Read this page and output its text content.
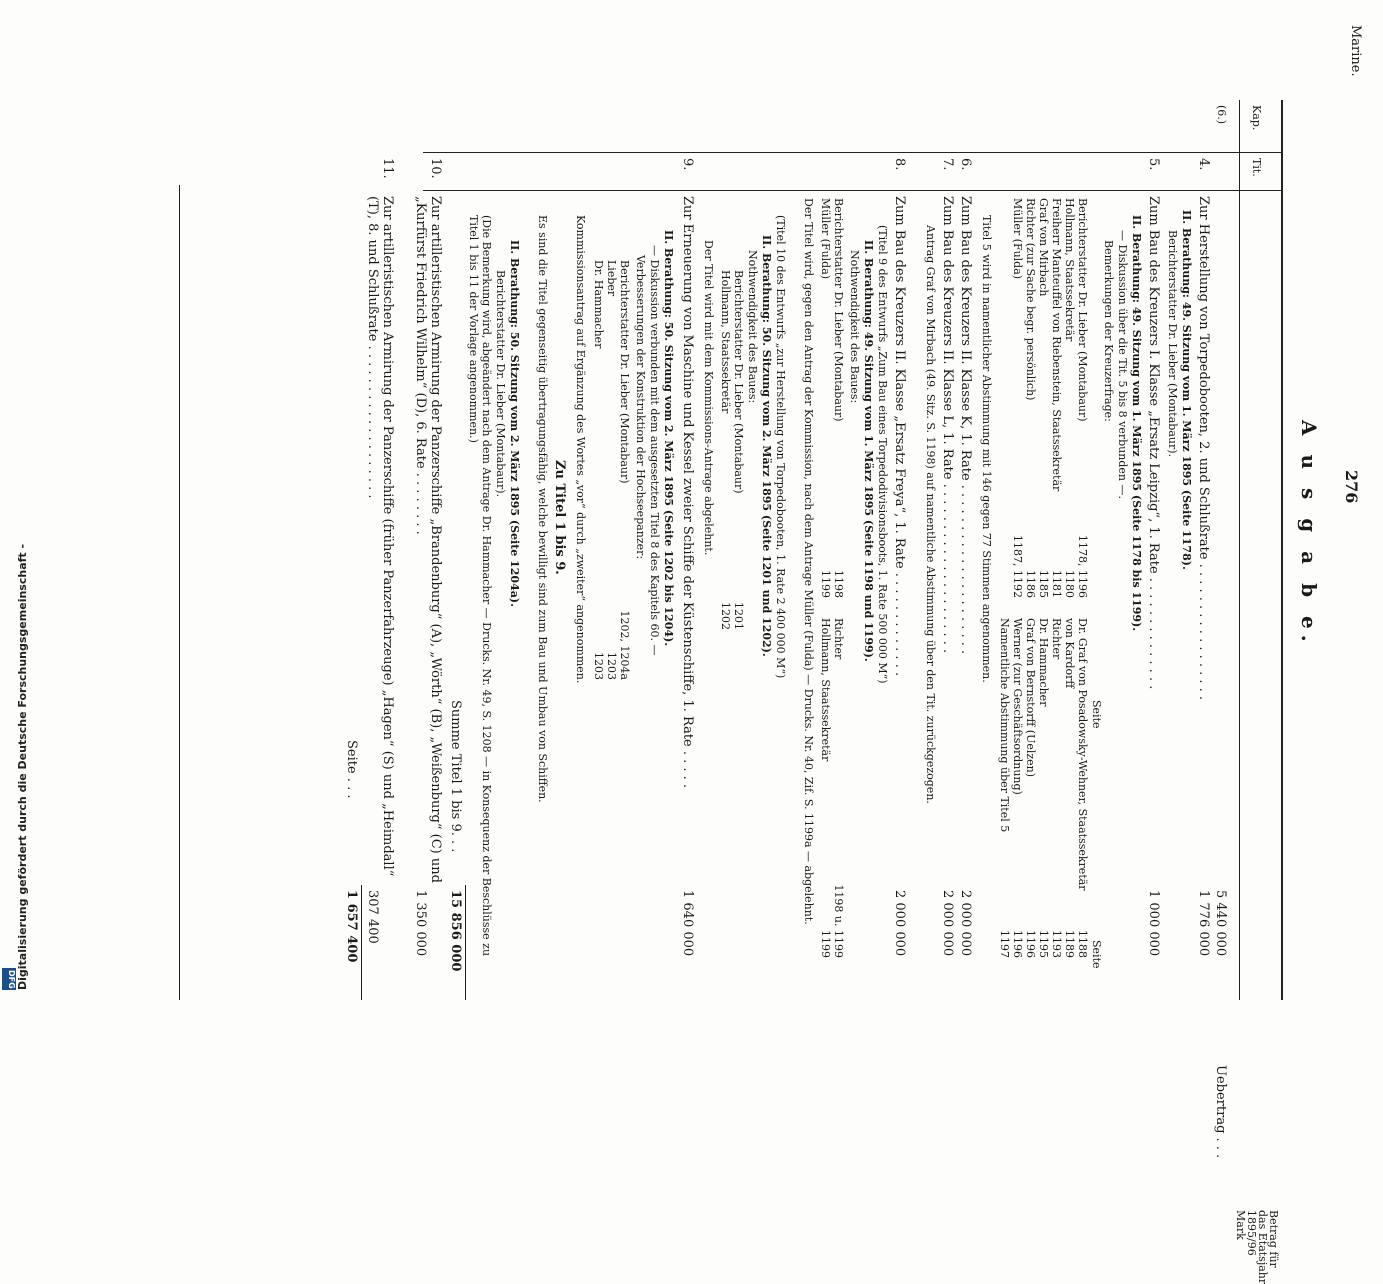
Digitalisierung gefördert durch die Deutsche Forschungsgemeinschaft -
DFG
Marine.
276
A u s g a b e.
Kap.
Tit.
Betrag für
das Etatsjahr
1895/96
Mark
(6.)
Uebertrag . . .
4.
Zur Herstellung von Torpedobooten, 2. und Schlußrate . . . . . . . . . . . . . . . . .
5 440 000
1 776 000
II. Berathung: 49. Sitzung vom 1. März 1895 (Seite 1178).
Berichterstatter Dr. Lieber (Montabaur).
5.
Zum Bau des Kreuzers I. Klasse „Ersatz Leipzig“, 1. Rate . . . . . . . . . . . . . .
1 000 000
II. Berathung: 49. Sitzung vom 1. März 1895 (Seite 1178 bis 1199).
— Diskussion über die Tit. 5 bis 8 verbunden —.
Bemerkungen der Kreuzerfrage:
Seite
Seite
Berichterstatter Dr. Lieber (Montabaur)
1178, 1196
Hollmann, Staatssekretär
1180
Freiherr Manteuffel von Riebenstein, Staatssekretär
1181
Graf von Mirbach
1185
Richter (zur Sache begr. persönlich)
1186
Müller (Fulda)
1187, 1192
Dr. Graf von Posadowsky-Wehner, Staatssekretär
1188
von Kardorff
1189
Richter
1193
Dr. Hammacher
1195
Graf von Bernstorff (Uelzen)
1196
Werner (zur Geschäftsordnung)
1196
Namentliche Abstimmung über Titel 5
1197
Titel 5 wird in namentlicher Abstimmung mit 146 gegen 77 Stimmen angenommen.
6.
Zum Bau des Kreuzers II. Klasse K, 1. Rate . . . . . . . . . . . . . . . . . . . . .
2 000 000
7.
Zum Bau des Kreuzers II. Klasse L, 1. Rate . . . . . . . . . . . . . . . . . . . . .
2 000 000
Antrag Graf von Mirbach (49. Sitz. S. 1198) auf namentliche Abstimmung über den Tit. zurückgezogen.
8.
Zum Bau des Kreuzers II. Klasse „Ersatz Freya“, 1. Rate . . . . . . . . . . . . .
2 000 000
(Titel 9 des Entwurfs „Zum Bau eines Torpedodivisionsboots, 1. Rate 500 000 M“)
II. Berathung: 49. Sitzung vom 1. März 1895 (Seite 1198 und 1199).
Nothwendigkeit des Baues:
Berichterstatter Dr. Lieber (Montabaur)
1198
Müller (Fulda)
1199
Richter
1198 u. 1199
Hollmann, Staatssekretär
1199
Der Titel wird, gegen den Antrag der Kommission, nach dem Antrage Müller (Fulda) — Drucks. Nr. 40, Zif. S. 1199a — abgelehnt.
(Titel 10 des Entwurfs „zur Herstellung von Torpedobooten, 1. Rate 2 400 000 M“)
II. Berathung: 50. Sitzung vom 2. März 1895 (Seite 1201 und 1202).
Nothwendigkeit des Baues:
Berichterstatter Dr. Lieber (Montabaur)
1201
Hollmann, Staatssekretär
1202
Der Titel wird mit dem Kommissions-Antrage abgelehnt.
9.
Zur Erneuerung von Maschine und Kessel zweier Schiffe der Küstenschiffe, 1. Rate . . . . .
1 640 000
II. Berathung: 50. Sitzung vom 2. März 1895 (Seite 1202 bis 1204).
— Diskussion verbunden mit dem ausgesetzten Titel 8 des Kapitels 60. —
Verbesserungen der Konstruktion der Hochseepanzer:
Berichterstatter Dr. Lieber (Montabaur)
1202, 1204a
Lieber
1203
Dr. Hammacher
1203
Kommissionsantrag auf Ergänzung des Wortes „vor“ durch „zweiter“ angenommen.
Zu Titel 1 bis 9.
Es sind die Titel gegenseitig übertragungsfähig, welche bewilligt sind zum Bau und Umbau von Schiffen.
II. Berathung: 50. Sitzung vom 2. März 1895 (Seite 1204a).
Berichterstatter Dr. Lieber (Montabaur).
(Die Bemerkung wird, abgeändert nach dem Antrage Dr. Hammacher — Drucks. Nr. 49, S. 1208 — in Konsequenz der Beschlüsse zu Titel 1 bis 11 der Vorlage angenommen.)
Summe Titel 1 bis 9. . .
15 856 000
10.
Zur artilleristischen Armirung der Panzerschiffe „Brandenburg“ (A), „Wörth“ (B), „Weißenburg“ (C) und „Kurfürst Friedrich Wilhelm“ (D), 6. Rate . . . . . . . .
1 350 000
11.
Zur artilleristischen Armirung der Panzerschiffe (früher Panzerfahrzeuge) „Hagen“ (S) und „Heimdall“ (T), 8. und Schlußrate . . . . . . . . . . . . . . . . . . .
307 400
Seite . . .
1 657 400
